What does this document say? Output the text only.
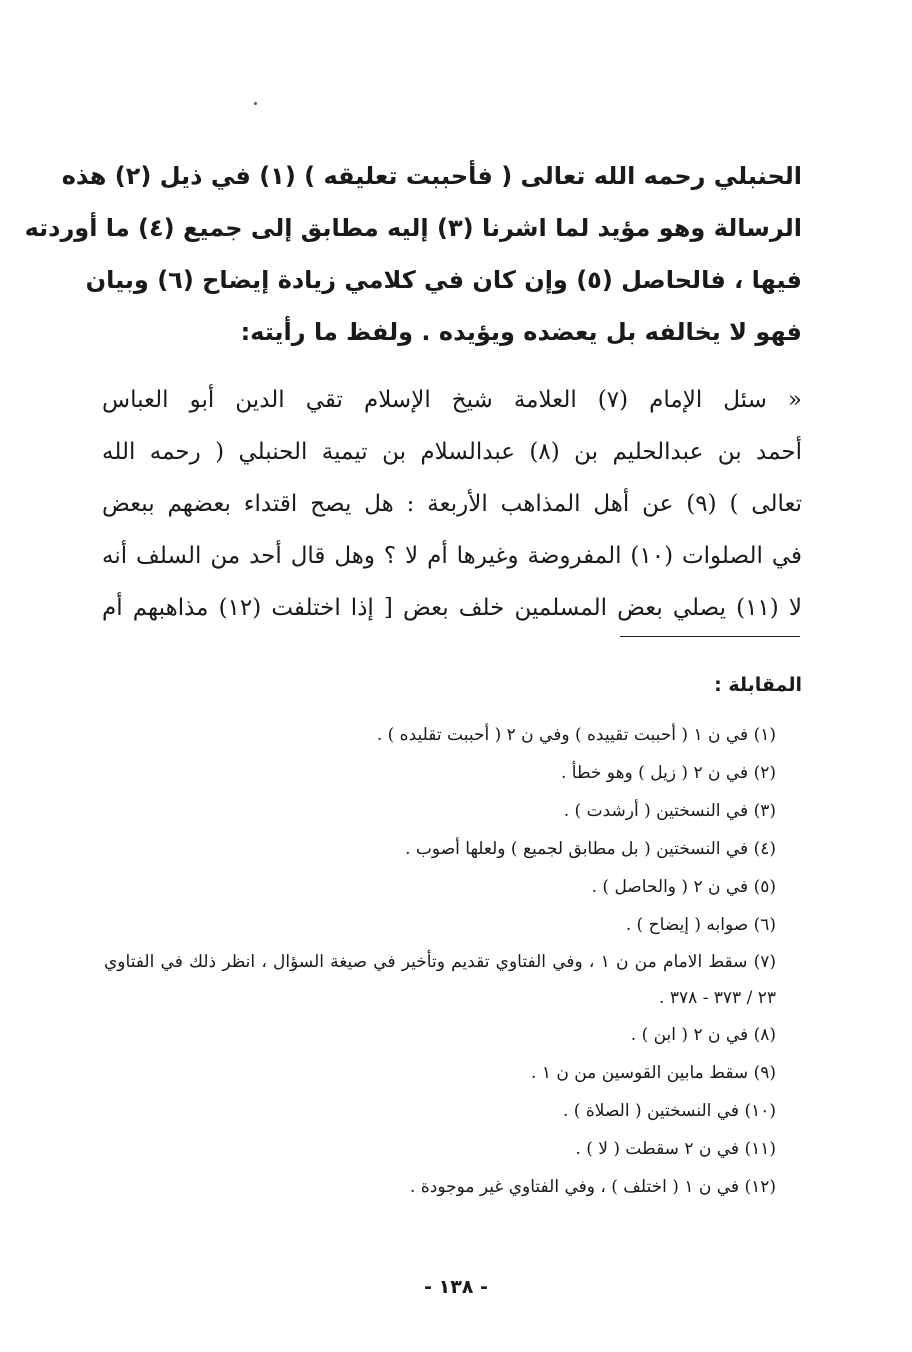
الحنبلي رحمه الله تعالى ( فأحببت تعليقه ) (١) في ذيل (٢) هذه
الرسالة وهو مؤيد لما اشرنا (٣) إليه مطابق إلى جميع (٤) ما أوردته
فيها ، فالحاصل (٥) وإن كان في كلامي زيادة إيضاح (٦) وبيان
فهو لا يخالفه بل يعضده ويؤيده . ولفظ ما رأيته:
« سئل الإمام (٧) العلامة شيخ الإسلام تقي الدين أبو العباس
أحمد بن عبدالحليم بن (٨) عبدالسلام بن تيمية الحنبلي ( رحمه الله
تعالى ) (٩) عن أهل المذاهب الأربعة : هل يصح اقتداء بعضهم ببعض
في الصلوات (١٠) المفروضة وغيرها أم لا ؟ وهل قال أحد من السلف أنه
لا (١١) يصلي بعض المسلمين خلف بعض [ إذا اختلفت (١٢) مذاهبهم أم
المقابلة :
(١) في ن ١ ( أحببت تقييده ) وفي ن ٢ ( أحببت تقليده ) .
(٢) في ن ٢ ( زيل ) وهو خطأ .
(٣) في النسختين ( أرشدت ) .
(٤) في النسختين ( بل مطابق لجميع ) ولعلها أصوب .
(٥) في ن ٢ ( والحاصل ) .
(٦) صوابه ( إيضاح ) .
(٧) سقط الامام من ن ١ ، وفي الفتاوي تقديم وتأخير في صيغة السؤال ، انظر ذلك في الفتاوي ٢٣ / ٣٧٣ - ٣٧٨ .
(٨) في ن ٢ ( ابن ) .
(٩) سقط مابين القوسين من ن ١ .
(١٠) في النسختين ( الصلاة ) .
(١١) في ن ٢ سقطت ( لا ) .
(١٢) في ن ١ ( اختلف ) ، وفي الفتاوي غير موجودة .
- ١٣٨ -
